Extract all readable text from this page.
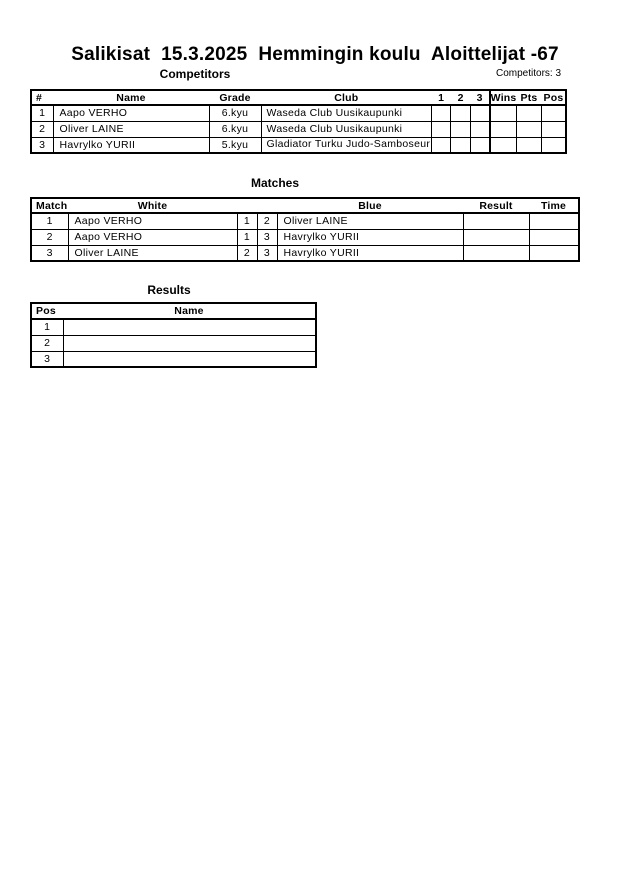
Salikisat  15.3.2025  Hemmingin koulu  Aloittelijat -67
Competitors	Competitors: 3
#	Name	Grade	Club	1	2	3	Wins	Pts	Pos
1	Aapo VERHO	6.kyu	Waseda Club Uusikaupunki						
2	Oliver LAINE	6.kyu	Waseda Club Uusikaupunki						
3	Havrylko YURII	5.kyu	Gladiator Turku Judo-Samboseur						
Matches
Match	White			Blue	Result	Time
1	Aapo VERHO	1	2	Oliver LAINE		
2	Aapo VERHO	1	3	Havrylko YURII		
3	Oliver LAINE	2	3	Havrylko YURII		
Results
Pos	Name
1	
2	
3	
